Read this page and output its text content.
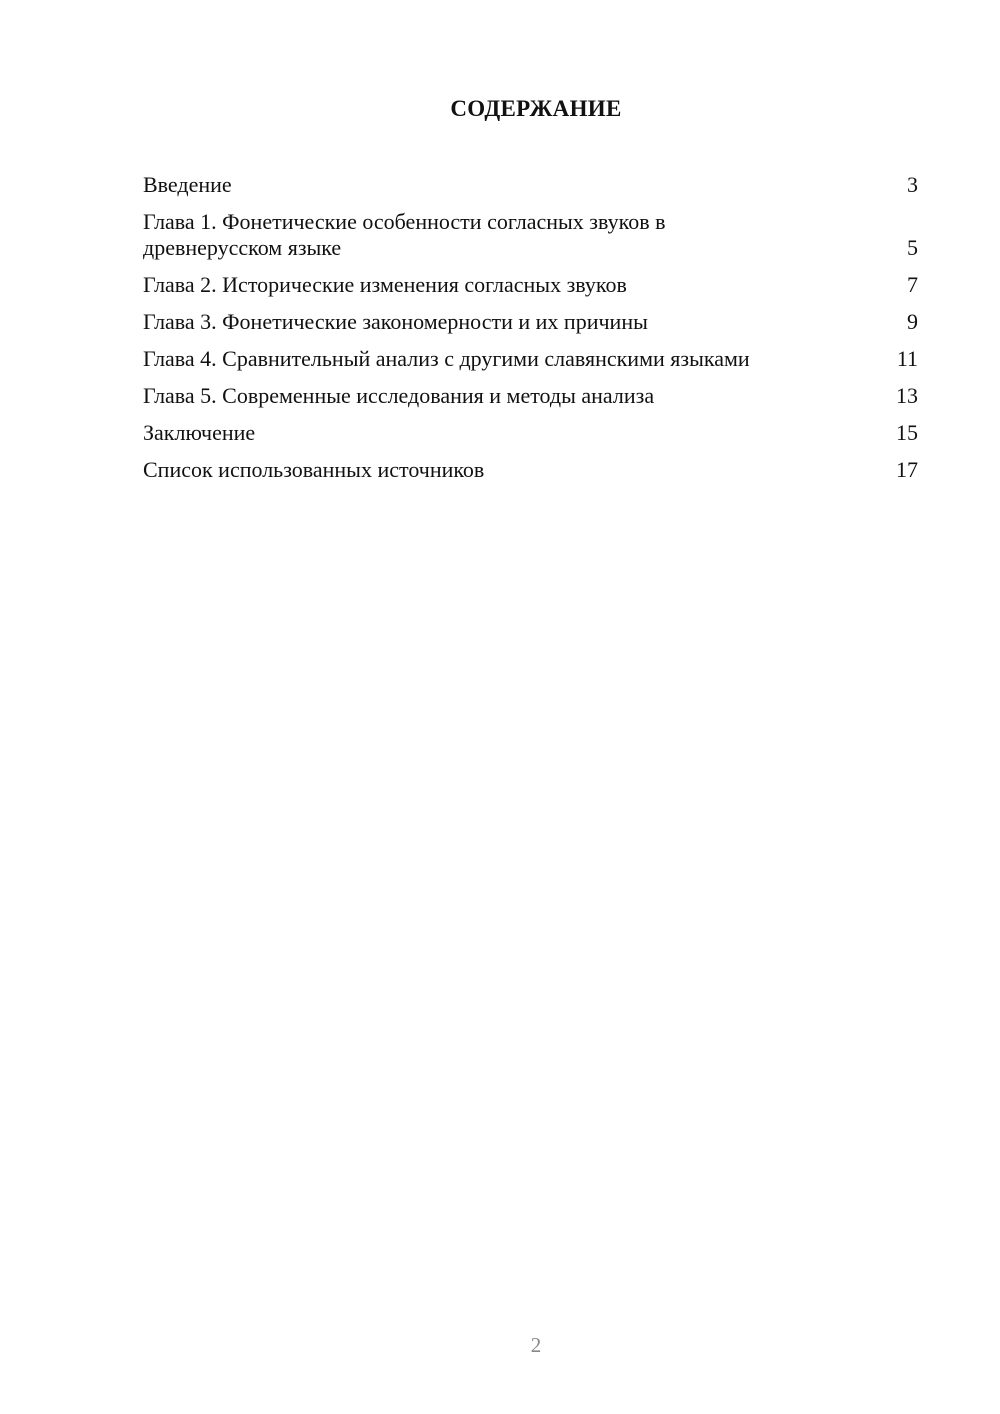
СОДЕРЖАНИЕ
Введение	3
Глава 1. Фонетические особенности согласных звуков в древнерусском языке	5
Глава 2. Исторические изменения согласных звуков	7
Глава 3. Фонетические закономерности и их причины	9
Глава 4. Сравнительный анализ с другими славянскими языками	11
Глава 5. Современные исследования и методы анализа	13
Заключение	15
Список использованных источников	17
2
